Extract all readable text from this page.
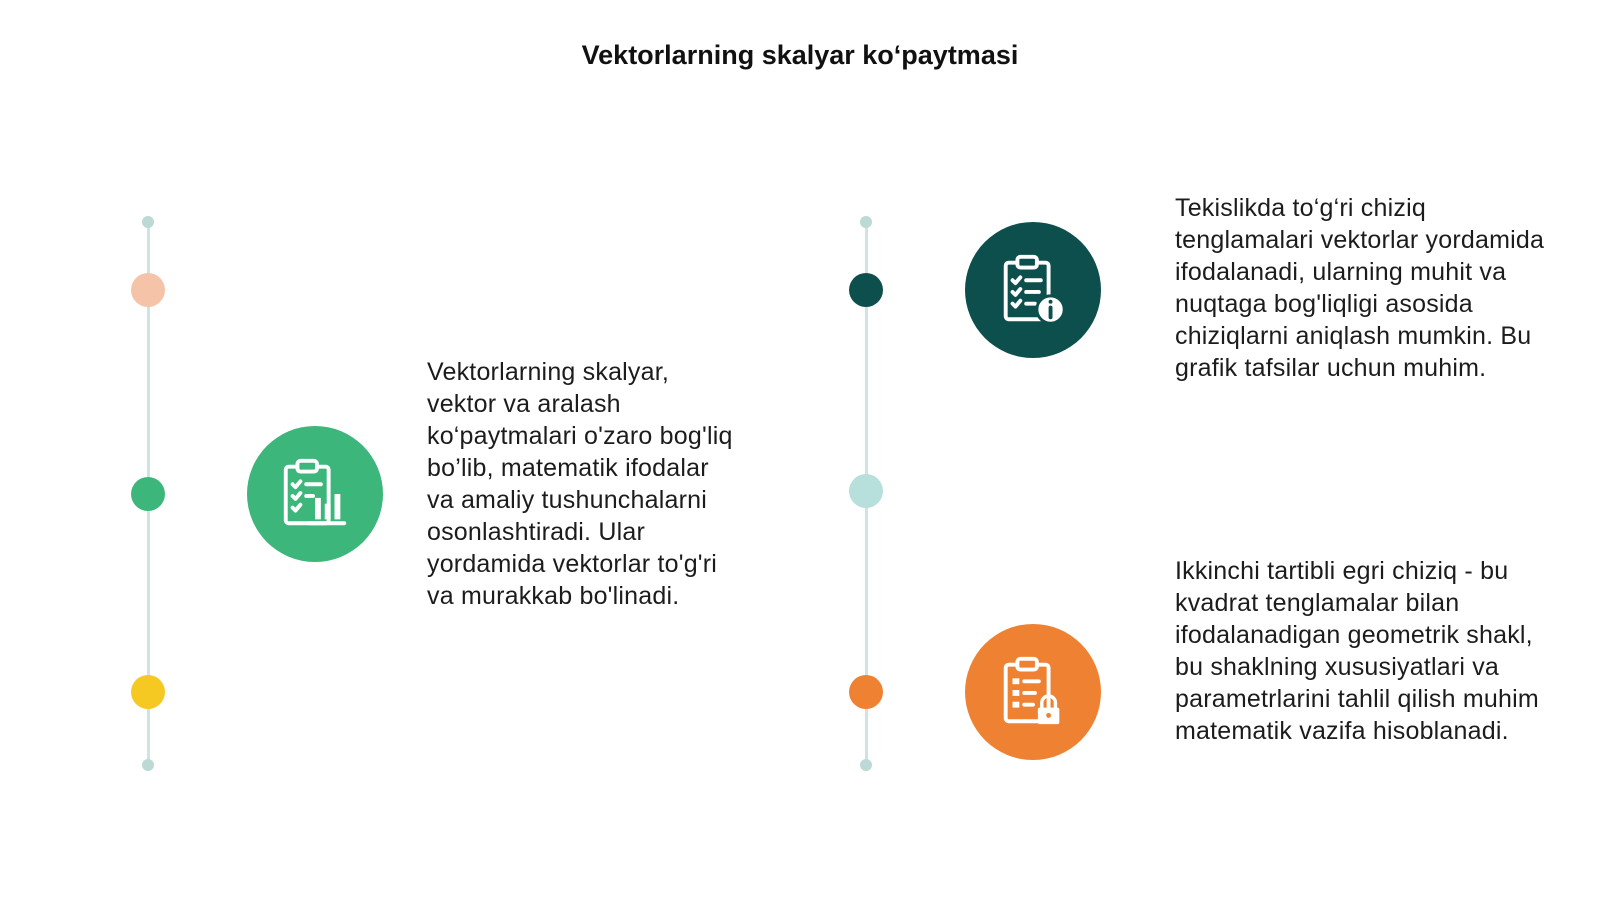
Vektorlarning skalyar ko‘paytmasi
Vektorlarning skalyar, vektor va aralash ko‘paytmalari o'zaro bog'liq bo’lib, matematik ifodalar va amaliy tushunchalarni osonlashtiradi. Ular yordamida vektorlar to'g'ri va murakkab bo'linadi.
Tekislikda to‘g‘ri chiziq tenglamalari vektorlar yordamida ifodalanadi, ularning muhit va nuqtaga bog'liqligi asosida chiziqlarni aniqlash mumkin. Bu grafik tafsilar uchun muhim.
Ikkinchi tartibli egri chiziq - bu kvadrat tenglamalar bilan ifodalanadigan geometrik shakl, bu shaklning xususiyatlari va parametrlarini tahlil qilish muhim matematik vazifa hisoblanadi.
